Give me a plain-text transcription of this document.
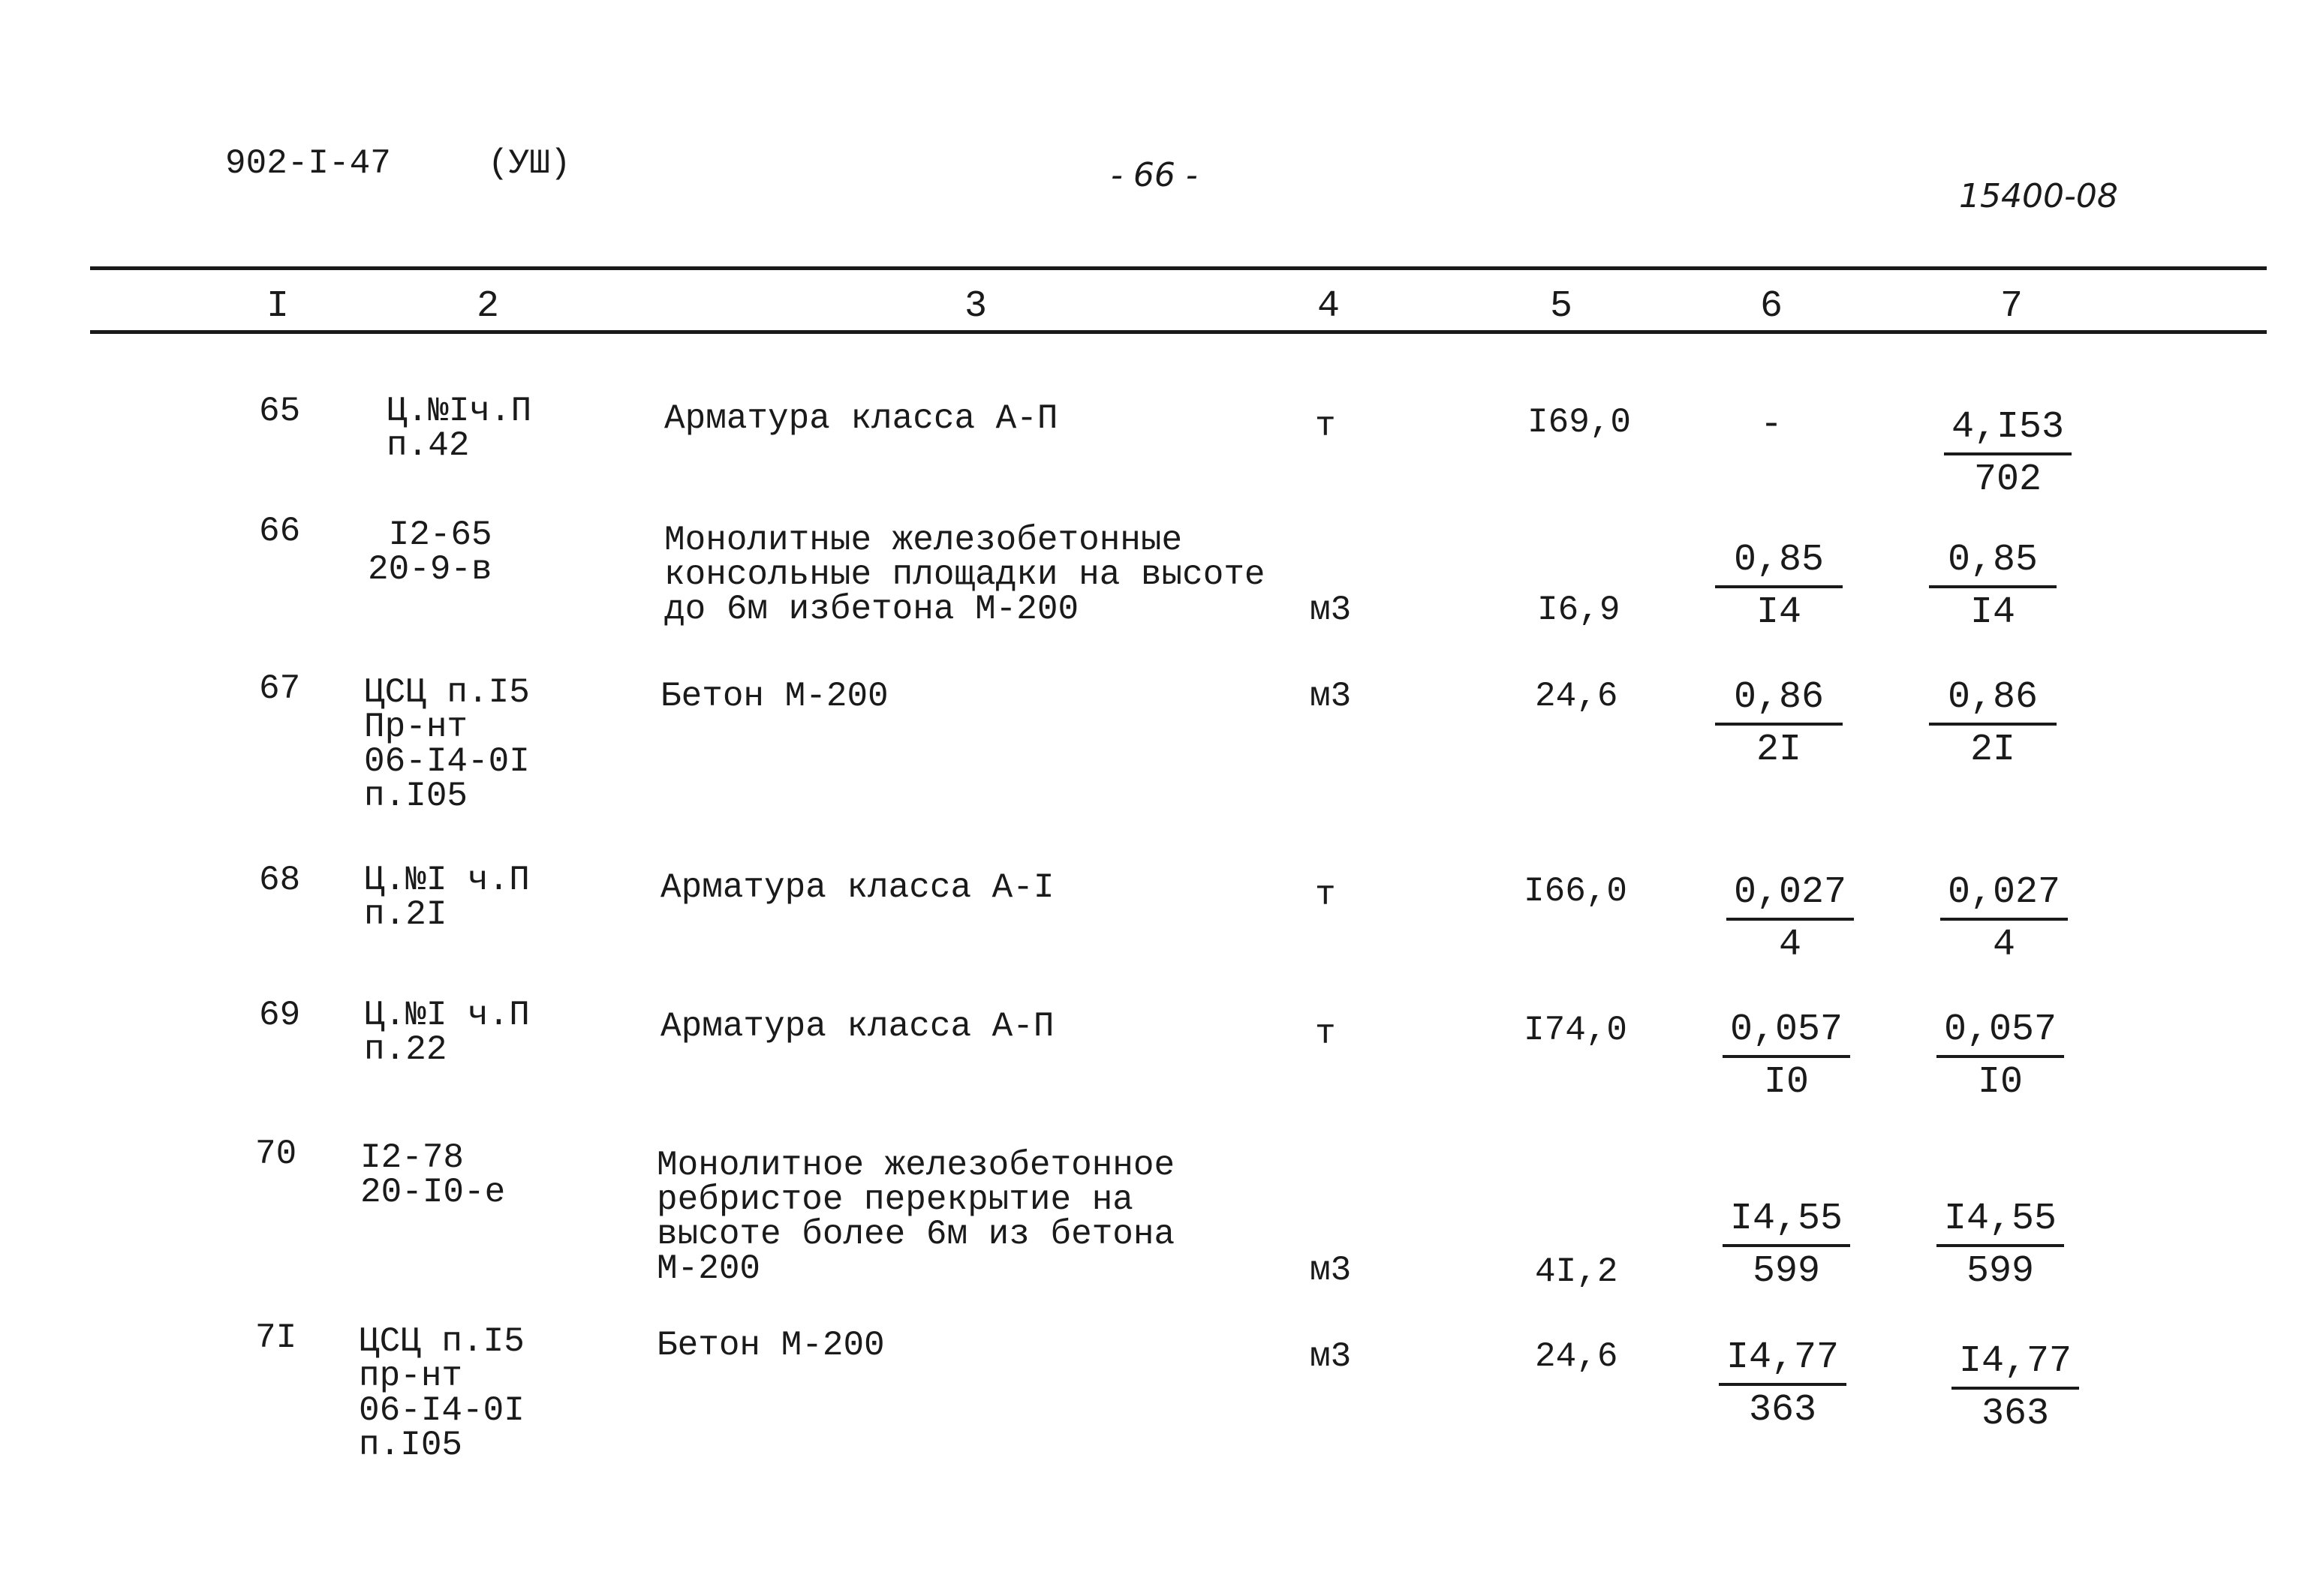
902-I-47	(УШ)	- 66 -
15400-08
I	2	3	4	5	6	7
65 Ц.№Iч.П
п.42
Арматура класса А-П	т	I69,0	-	$\frac{4,I53}{702}$
66	I2-65
20-9-в
Монолитные железобетонные
консольные площадки на высоте
до 6м избетона М-200	м3	I6,9	$\frac{0,85}{I4} \frac{0,85}{I4}$
67 ЦСЦ п.I5
Пр-нт
06-I4-0I
п.I05
Бетон М-200	м3	24,6	$\frac{0,86}{2I} \frac{0,86}{2I}$
68 Ц.№I ч.П
п.2I
Арматура класса А-I	т	I66,0	$\frac{0,027}{4} \frac{0,027}{4}$
69 Ц.№I ч.П
п.22
Арматура класса А-П	т	I74,0	$\frac{0,057}{I0} \frac{0,057}{I0}$
70 I2-78
20-I0-е
Монолитное железобетонное
ребристое перекрытие на
высоте более 6м из бетона
М-200	м3	4I,2	$\frac{I4,55}{599} \frac{I4,55}{599}$
7I ЦСЦ п.I5
пр-нт
06-I4-0I
п.I05
Бетон М-200	м3	24,6	$\frac{I4,77}{363}$	$\frac{I4,77}{363}$
